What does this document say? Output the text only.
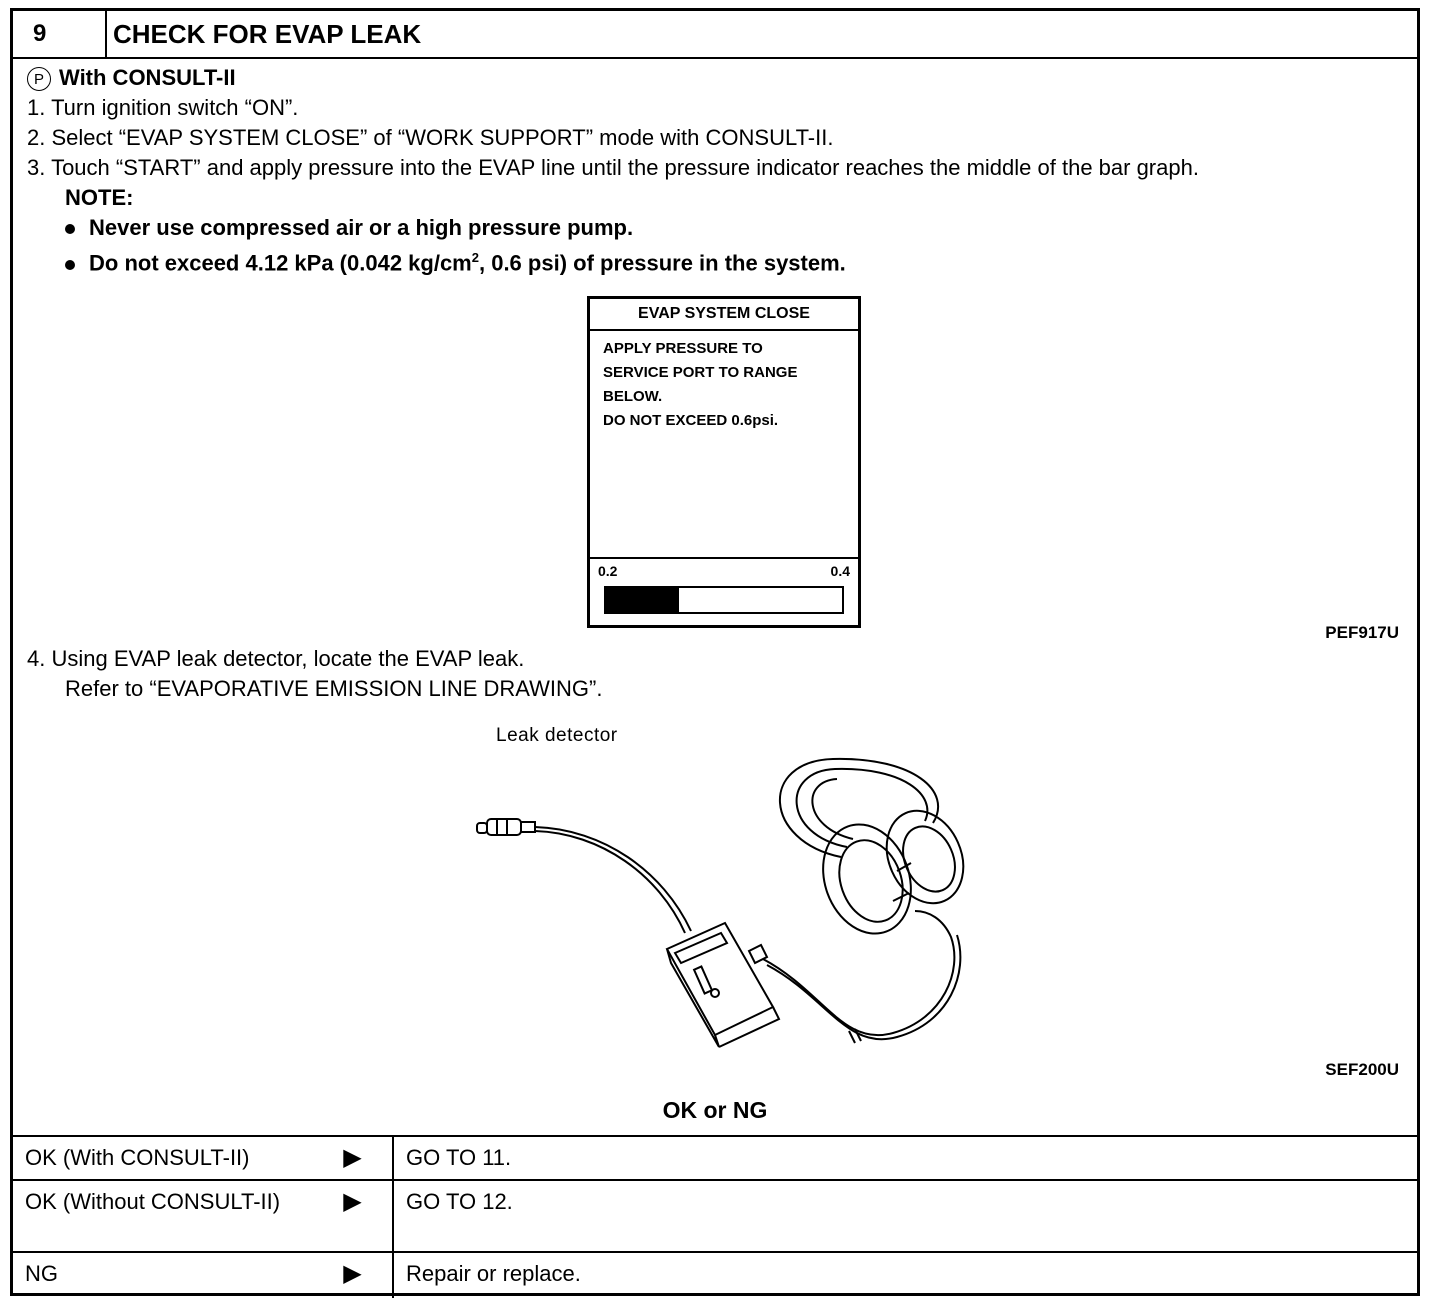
9	CHECK FOR EVAP LEAK
P With CONSULT-II
1. Turn ignition switch “ON”.
2. Select “EVAP SYSTEM CLOSE” of “WORK SUPPORT” mode with CONSULT-II.
3. Touch “START” and apply pressure into the EVAP line until the pressure indicator reaches the middle of the bar graph.
NOTE:
Never use compressed air or a high pressure pump.
Do not exceed 4.12 kPa (0.042 $kg/cm^2$, 0.6 psi) of pressure in the system.
EVAP SYSTEM CLOSE
APPLY PRESSURE TO
SERVICE PORT TO RANGE
BELOW.
DO NOT EXCEED 0.6psi.
0.2	0.4
PEF917U
4. Using EVAP leak detector, locate the EVAP leak.
Refer to “EVAPORATIVE EMISSION LINE DRAWING”.
Leak detector
SEF200U
OK or NG
OK (With CONSULT-II)	▶	GO TO 11.
OK (Without CONSULT-II)	▶	GO TO 12.
NG	▶	Repair or replace.
